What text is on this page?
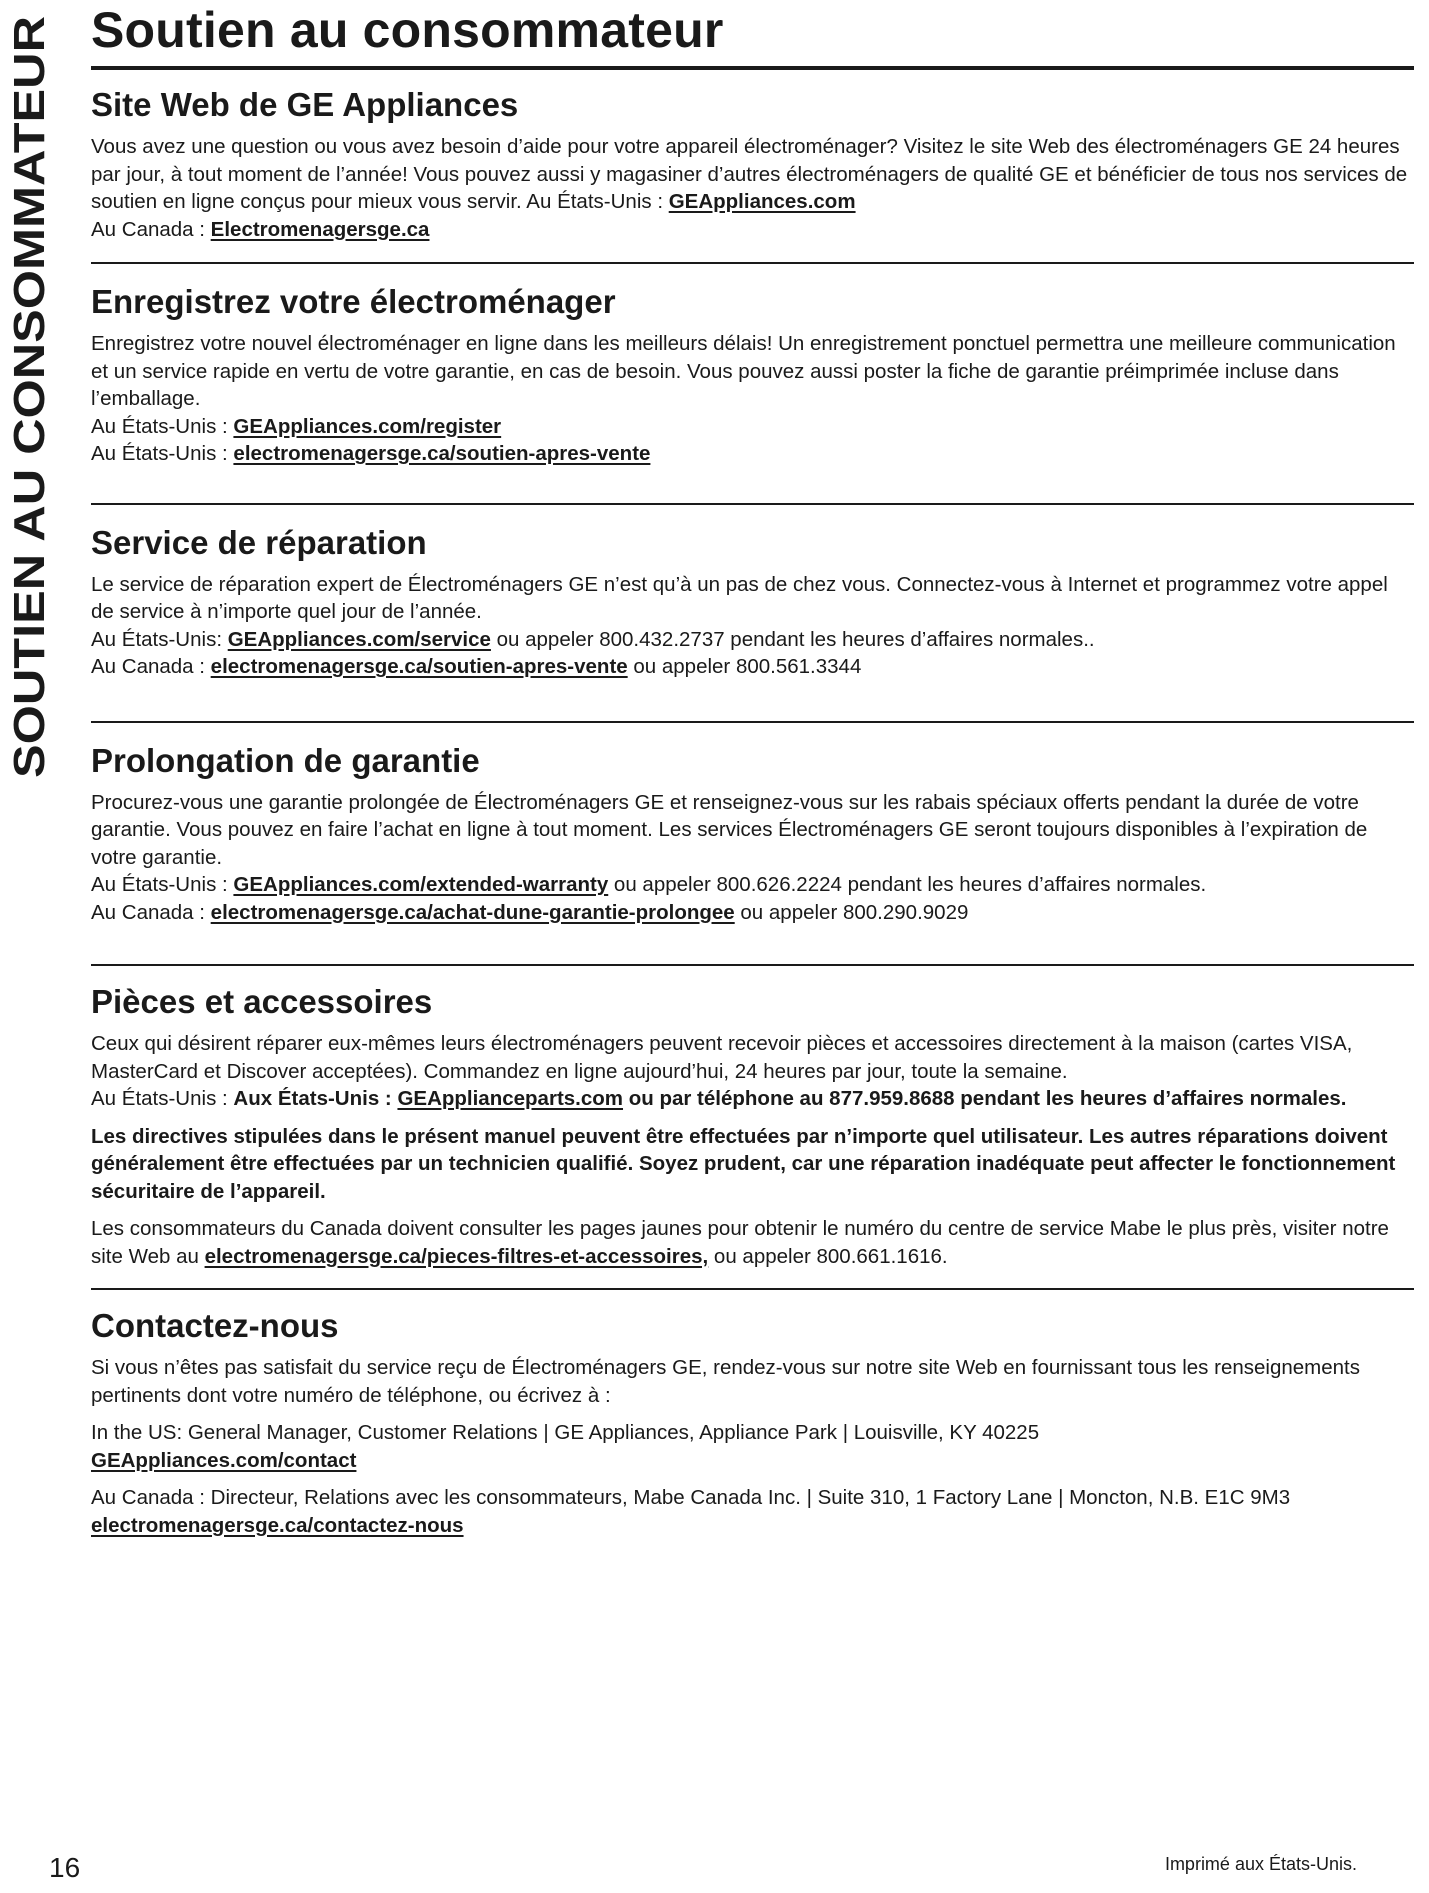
SOUTIEN AU CONSOMMATEUR
Soutien au consommateur
Site Web de GE Appliances

Vous avez une question ou vous avez besoin d’aide pour votre appareil électroménager? Visitez le site Web des électroménagers GE 24 heures par jour, à tout moment de l’année! Vous pouvez aussi y magasiner d’autres électroménagers de qualité GE et bénéficier de tous nos services de soutien en ligne conçus pour mieux vous servir. Au États-Unis : GEAppliances.com
Au Canada : Electromenagersge.ca

Enregistrez votre électroménager

Enregistrez votre nouvel électroménager en ligne dans les meilleurs délais! Un enregistrement ponctuel permettra une meilleure communication et un service rapide en vertu de votre garantie, en cas de besoin. Vous pouvez aussi poster la fiche de garantie préimprimée incluse dans l’emballage.
Au États-Unis : GEAppliances.com/register
Au États-Unis : electromenagersge.ca/soutien-apres-vente

Service de réparation

Le service de réparation expert de Électroménagers GE n’est qu’à un pas de chez vous. Connectez-vous à Internet et programmez votre appel de service à n’importe quel jour de l’année.
Au États-Unis: GEAppliances.com/service ou appeler 800.432.2737 pendant les heures d’affaires normales..
Au Canada : electromenagersge.ca/soutien-apres-vente ou appeler 800.561.3344

Prolongation de garantie

Procurez-vous une garantie prolongée de Électroménagers GE et renseignez-vous sur les rabais spéciaux offerts pendant la durée de votre garantie. Vous pouvez en faire l’achat en ligne à tout moment. Les services Électroménagers GE seront toujours disponibles à l’expiration de votre garantie.
Au États-Unis : GEAppliances.com/extended-warranty ou appeler 800.626.2224 pendant les heures d’affaires normales.
Au Canada : electromenagersge.ca/achat-dune-garantie-prolongee ou appeler 800.290.9029

Pièces et accessoires

Ceux qui désirent réparer eux-mêmes leurs électroménagers peuvent recevoir pièces et accessoires directement à la maison (cartes VISA, MasterCard et Discover acceptées). Commandez en ligne aujourd’hui, 24 heures par jour, toute la semaine.
Au États-Unis : Aux États-Unis : GEApplianceparts.com ou par téléphone au 877.959.8688 pendant les heures d’affaires normales.

Les directives stipulées dans le présent manuel peuvent être effectuées par n’importe quel utilisateur. Les autres réparations doivent généralement être effectuées par un technicien qualifié. Soyez prudent, car une réparation inadéquate peut affecter le fonctionnement sécuritaire de l’appareil.

Les consommateurs du Canada doivent consulter les pages jaunes pour obtenir le numéro du centre de service Mabe le plus près, visiter notre site Web au electromenagersge.ca/pieces-filtres-et-accessoires, ou appeler 800.661.1616.

Contactez-nous

Si vous n’êtes pas satisfait du service reçu de Électroménagers GE, rendez-vous sur notre site Web en fournissant tous les renseignements pertinents dont votre numéro de téléphone, ou écrivez à :

In the US: General Manager, Customer Relations | GE Appliances, Appliance Park | Louisville, KY 40225
GEAppliances.com/contact

Au Canada : Directeur, Relations avec les consommateurs, Mabe Canada Inc. | Suite 310, 1 Factory Lane | Moncton, N.B. E1C 9M3
electromenagersge.ca/contactez-nous

16	Imprimé aux États-Unis.
